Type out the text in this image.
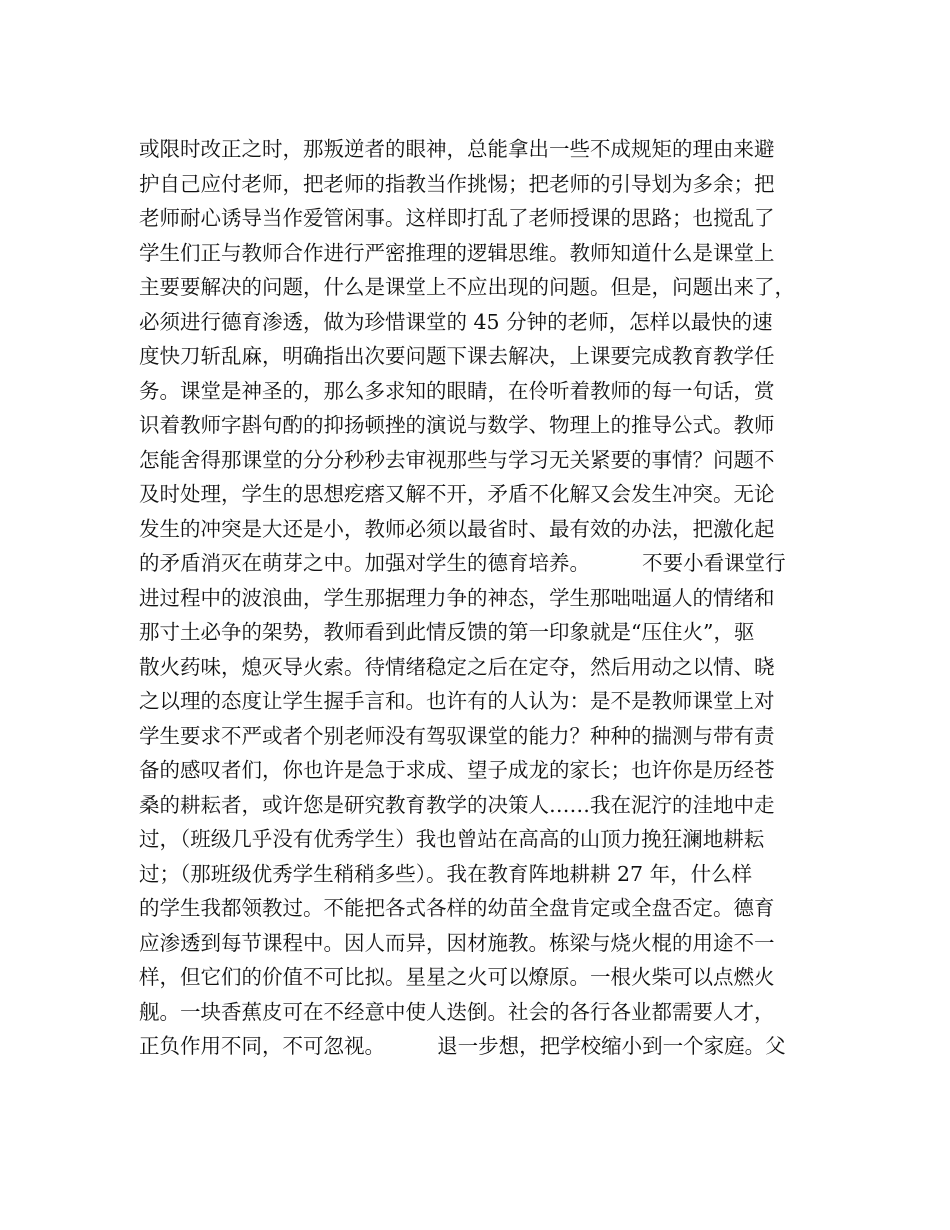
或限时改正之时，那叛逆者的眼神，总能拿出一些不成规矩的理由来避
护自己应付老师，把老师的指教当作挑惕；把老师的引导划为多余；把
老师耐心诱导当作爱管闲事。这样即打乱了老师授课的思路；也搅乱了
学生们正与教师合作进行严密推理的逻辑思维。教师知道什么是课堂上
主要要解决的问题，什么是课堂上不应出现的问题。但是，问题出来了，
必须进行德育渗透，做为珍惜课堂的 45 分钟的老师，怎样以最快的速
度快刀斩乱麻，明确指出次要问题下课去解决，上课要完成教育教学任
务。课堂是神圣的，那么多求知的眼睛，在伶听着教师的每一句话，赏
识着教师字斟句酌的抑扬顿挫的演说与数学、物理上的推导公式。教师
怎能舍得那课堂的分分秒秒去审视那些与学习无关紧要的事情？问题不
及时处理，学生的思想疙瘩又解不开，矛盾不化解又会发生冲突。无论
发生的冲突是大还是小，教师必须以最省时、最有效的办法，把激化起
的矛盾消灭在萌芽之中。加强对学生的德育培养。        不要小看课堂行
进过程中的波浪曲，学生那据理力争的神态，学生那咄咄逼人的情绪和
那寸土必争的架势，教师看到此情反馈的第一印象就是“压住火”，驱
散火药味，熄灭导火索。待情绪稳定之后在定夺，然后用动之以情、晓
之以理的态度让学生握手言和。也许有的人认为：是不是教师课堂上对
学生要求不严或者个别老师没有驾驭课堂的能力？种种的揣测与带有责
备的感叹者们，你也许是急于求成、望子成龙的家长；也许你是历经苍
桑的耕耘者，或许您是研究教育教学的决策人……我在泥泞的洼地中走
过，（班级几乎没有优秀学生）我也曾站在高高的山顶力挽狂澜地耕耘
过；（那班级优秀学生稍稍多些）。我在教育阵地耕耕 27 年，什么样
的学生我都领教过。不能把各式各样的幼苗全盘肯定或全盘否定。德育
应渗透到每节课程中。因人而异，因材施教。栋梁与烧火棍的用途不一
样，但它们的价值不可比拟。星星之火可以燎原。一根火柴可以点燃火
舰。一块香蕉皮可在不经意中使人迭倒。社会的各行各业都需要人才，
正负作用不同，不可忽视。        退一步想，把学校缩小到一个家庭。父
